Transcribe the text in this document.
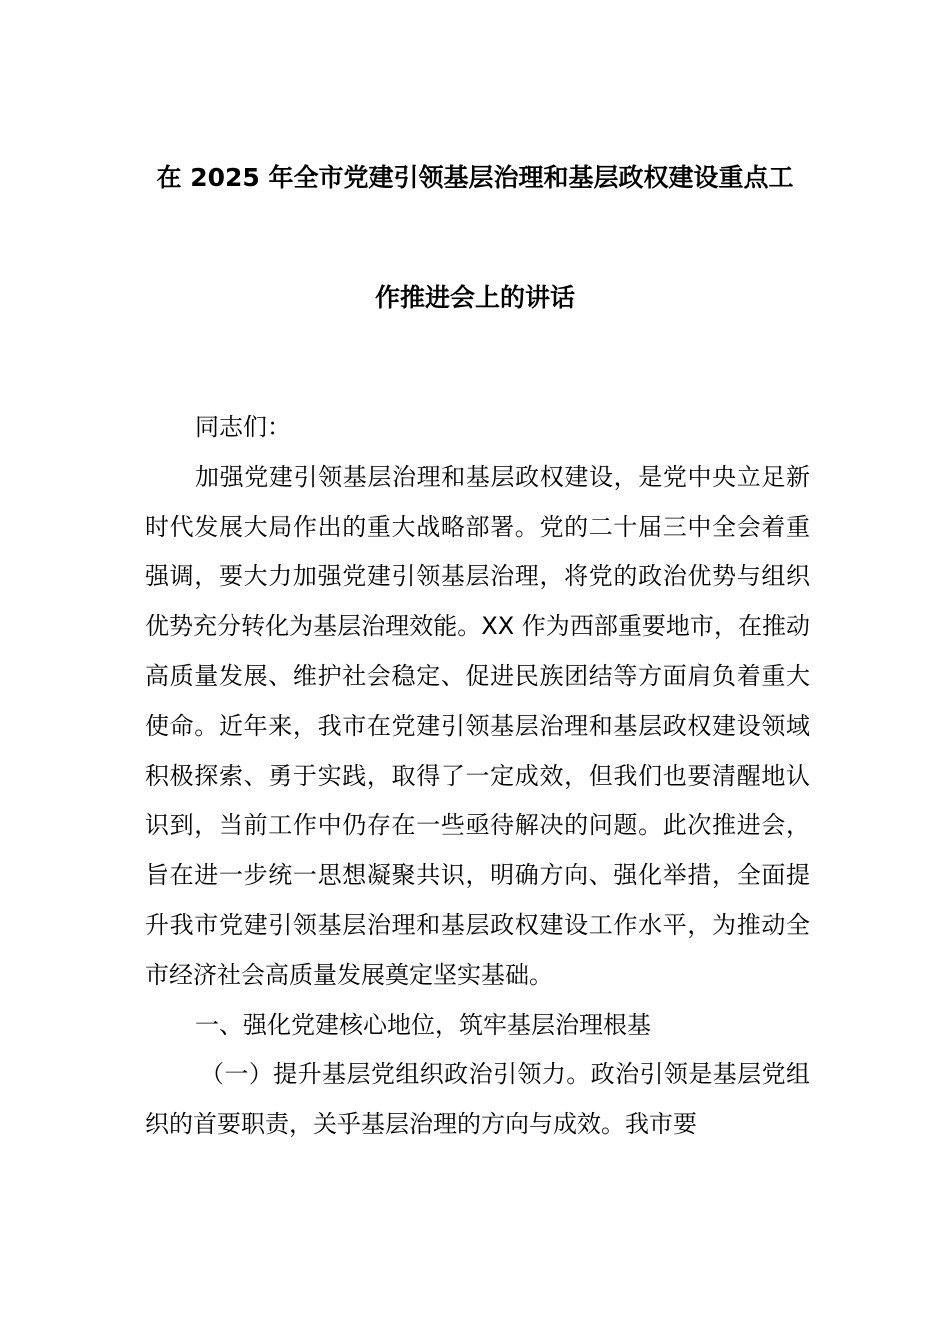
在 2025 年全市党建引领基层治理和基层政权建设重点工
作推进会上的讲话

同志们：

加强党建引领基层治理和基层政权建设，是党中央立足新时代发展大局作出的重大战略部署。党的二十届三中全会着重强调，要大力加强党建引领基层治理，将党的政治优势与组织优势充分转化为基层治理效能。XX 作为西部重要地市，在推动高质量发展、维护社会稳定、促进民族团结等方面肩负着重大使命。近年来，我市在党建引领基层治理和基层政权建设领域积极探索、勇于实践，取得了一定成效，但我们也要清醒地认识到，当前工作中仍存在一些亟待解决的问题。此次推进会，旨在进一步统一思想凝聚共识，明确方向、强化举措，全面提升我市党建引领基层治理和基层政权建设工作水平，为推动全市经济社会高质量发展奠定坚实基础。

一、强化党建核心地位，筑牢基层治理根基

（一）提升基层党组织政治引领力。政治引领是基层党组织的首要职责，关乎基层治理的方向与成效。我市要
